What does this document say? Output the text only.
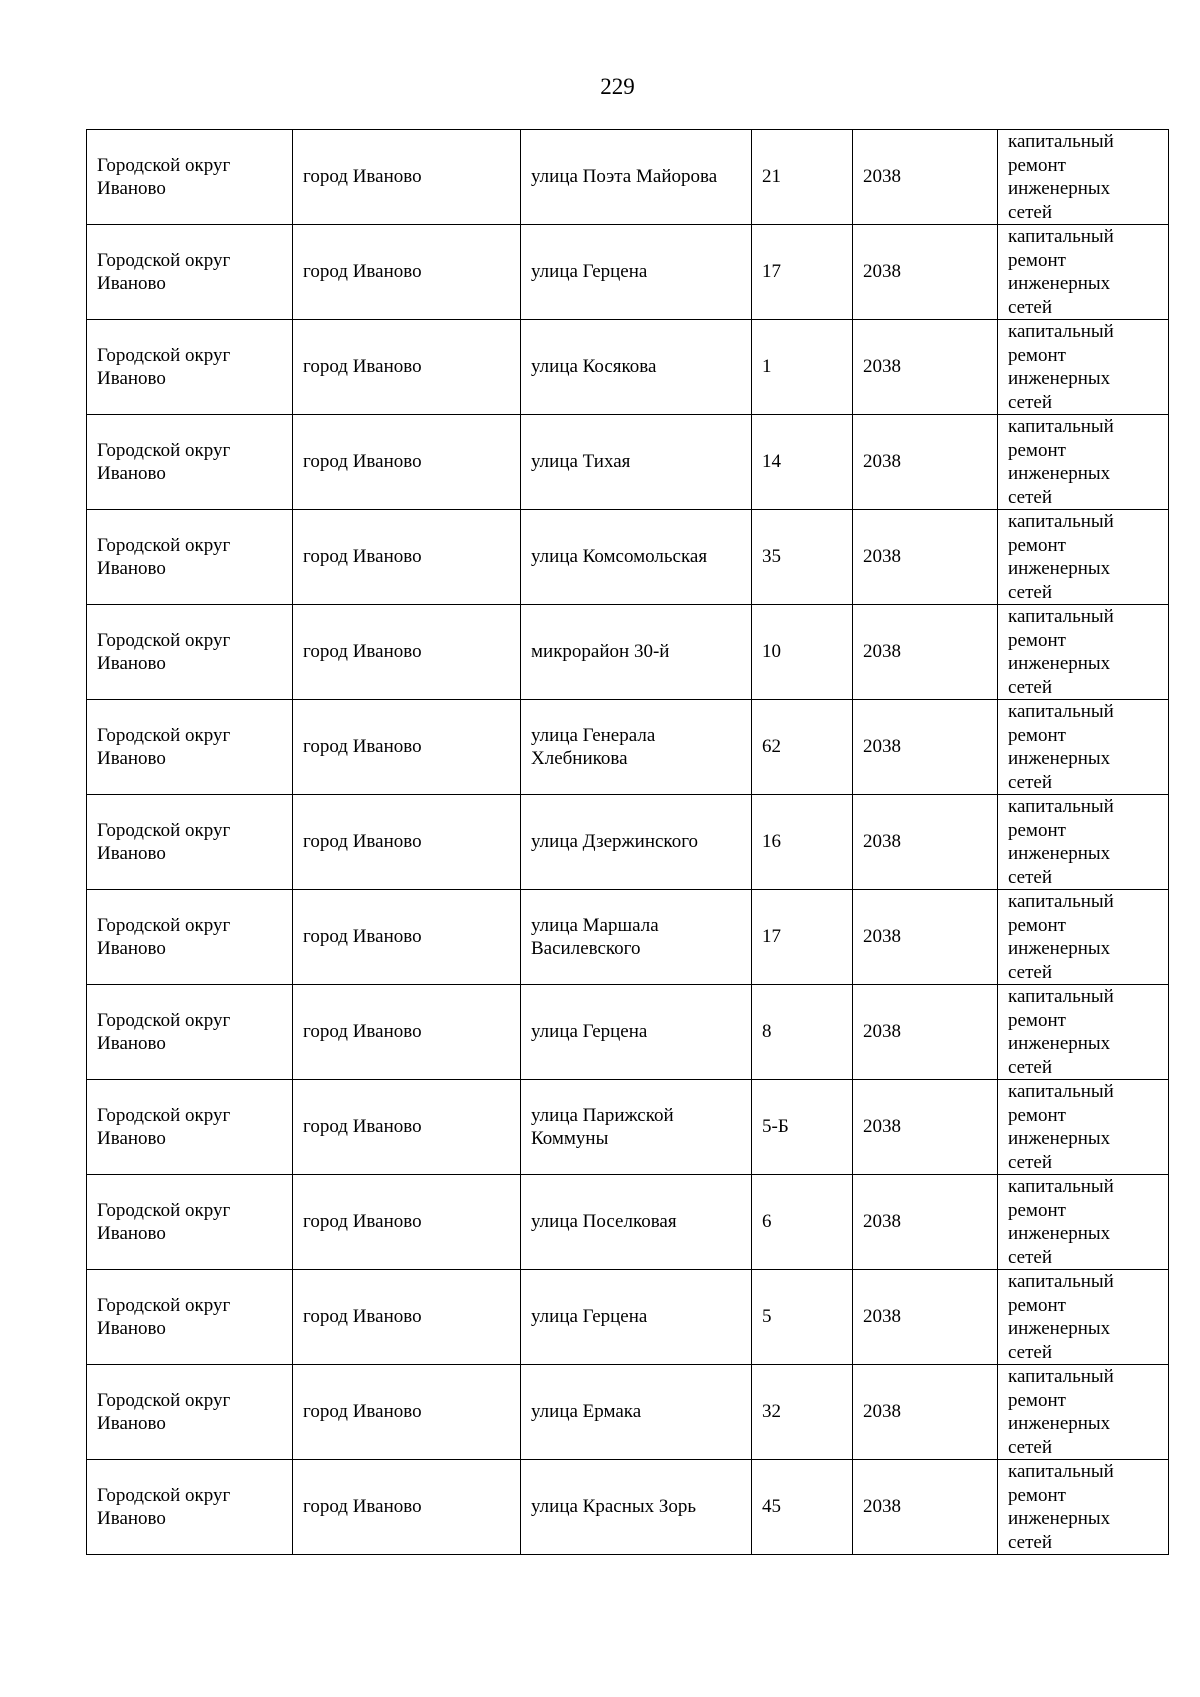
229
Городской округ Иваново	город Иваново	улица Поэта Майорова	21	2038	капитальный ремонт инженерных сетей
Городской округ Иваново	город Иваново	улица Герцена	17	2038	капитальный ремонт инженерных сетей
Городской округ Иваново	город Иваново	улица Косякова	1	2038	капитальный ремонт инженерных сетей
Городской округ Иваново	город Иваново	улица Тихая	14	2038	капитальный ремонт инженерных сетей
Городской округ Иваново	город Иваново	улица Комсомольская	35	2038	капитальный ремонт инженерных сетей
Городской округ Иваново	город Иваново	микрорайон 30-й	10	2038	капитальный ремонт инженерных сетей
Городской округ Иваново	город Иваново	улица Генерала Хлебникова	62	2038	капитальный ремонт инженерных сетей
Городской округ Иваново	город Иваново	улица Дзержинского	16	2038	капитальный ремонт инженерных сетей
Городской округ Иваново	город Иваново	улица Маршала Василевского	17	2038	капитальный ремонт инженерных сетей
Городской округ Иваново	город Иваново	улица Герцена	8	2038	капитальный ремонт инженерных сетей
Городской округ Иваново	город Иваново	улица Парижской Коммуны	5-Б	2038	капитальный ремонт инженерных сетей
Городской округ Иваново	город Иваново	улица Поселковая	6	2038	капитальный ремонт инженерных сетей
Городской округ Иваново	город Иваново	улица Герцена	5	2038	капитальный ремонт инженерных сетей
Городской округ Иваново	город Иваново	улица Ермака	32	2038	капитальный ремонт инженерных сетей
Городской округ Иваново	город Иваново	улица Красных Зорь	45	2038	капитальный ремонт инженерных сетей
